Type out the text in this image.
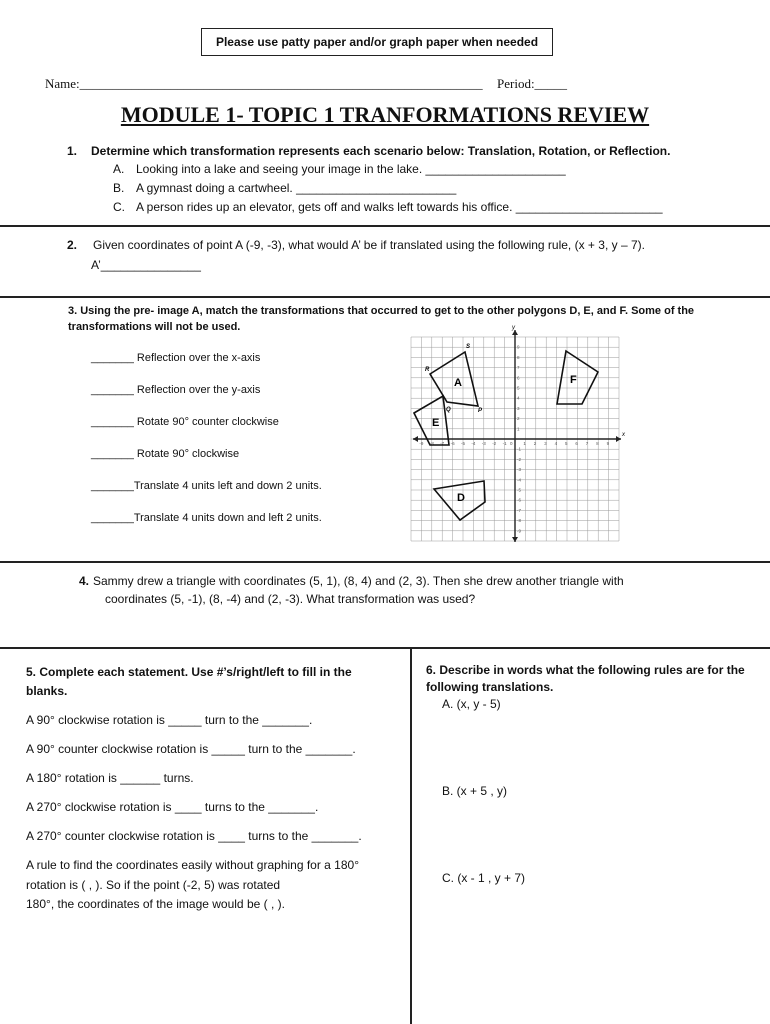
Please use patty paper and/or graph paper when needed
Name:______________________________________________________________ Period:_____
MODULE 1- TOPIC 1 TRANFORMATIONS REVIEW
1. Determine which transformation represents each scenario below: Translation, Rotation, or Reflection.
A. Looking into a lake and seeing your image in the lake. _____________________
B. A gymnast doing a cartwheel. ________________________
C. A person rides up an elevator, gets off and walks left towards his office. ______________________
2. Given coordinates of point A (-9, -3), what would A’ be if translated using the following rule, (x + 3, y – 7).
A’_______________
3. Using the pre- image A, match the transformations that occurred to get to the other polygons D, E, and F. Some of the
transformations will not be used.
_______ Reflection over the x-axis
_______ Reflection over the y-axis
_______ Rotate 90° counter clockwise
_______ Rotate 90° clockwise
_______Translate 4 units left and down 2 units.
_______Translate 4 units down and left 2 units.
x
y
0
-9 -8 -7 -6 -5 -4 -3 -2 -1	1 2 3 4 5 6 7 8 9
9
8
7
6
5
4
3
2
1
-1
-2
-3
-4
-5
-6
-7
-8
-9
A	F
E
D
R
S
P
Q
4. Sammy drew a triangle with coordinates (5, 1), (8, 4) and (2, 3). Then she drew another triangle with
coordinates (5, -1), (8, -4) and (2, -3). What transformation was used?
5. Complete each statement. Use #’s/right/left to fill in the
blanks.
A 90° clockwise rotation is _____ turn to the _______.
A 90° counter clockwise rotation is _____ turn to the _______.
A 180° rotation is ______ turns.
A 270° clockwise rotation is ____ turns to the _______.
A 270° counter clockwise rotation is ____ turns to the _______.
A rule to find the coordinates easily without graphing for a 180°
rotation is ( , ). So if the point (-2, 5) was rotated
180°, the coordinates of the image would be ( , ).
6. Describe in words what the following rules are for the
following translations.
A. (x, y - 5)
B. (x + 5 , y)
C. (x - 1 , y + 7)
